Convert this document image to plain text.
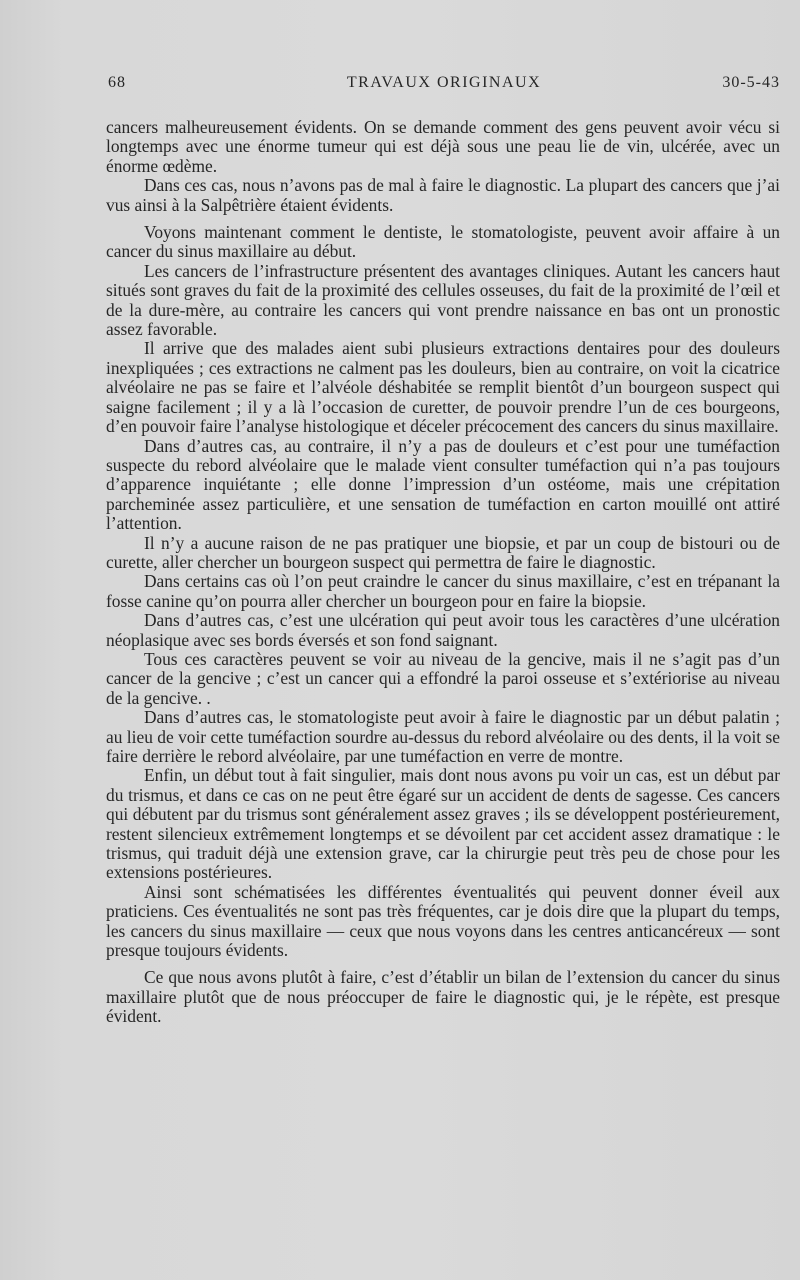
68	TRAVAUX ORIGINAUX	30-5-43

cancers malheureusement évidents. On se demande comment des gens peuvent avoir vécu si longtemps avec une énorme tumeur qui est déjà sous une peau lie de vin, ulcérée, avec un énorme œdème.

Dans ces cas, nous n’avons pas de mal à faire le diagnostic. La plupart des cancers que j’ai vus ainsi à la Salpêtrière étaient évidents.

Voyons maintenant comment le dentiste, le stomatologiste, peuvent avoir affaire à un cancer du sinus maxillaire au début.

Les cancers de l’infrastructure présentent des avantages cliniques. Autant les cancers haut situés sont graves du fait de la proximité des cellules osseuses, du fait de la proximité de l’œil et de la dure-mère, au contraire les cancers qui vont prendre naissance en bas ont un pronostic assez favorable.

Il arrive que des malades aient subi plusieurs extractions dentaires pour des douleurs inexpliquées ; ces extractions ne calment pas les douleurs, bien au contraire, on voit la cicatrice alvéolaire ne pas se faire et l’alvéole déshabitée se remplit bientôt d’un bourgeon suspect qui saigne facilement ; il y a là l’occasion de curetter, de pouvoir prendre l’un de ces bourgeons, d’en pouvoir faire l’analyse histologique et déceler précocement des cancers du sinus maxillaire.

Dans d’autres cas, au contraire, il n’y a pas de douleurs et c’est pour une tuméfaction suspecte du rebord alvéolaire que le malade vient consulter tuméfaction qui n’a pas toujours d’apparence inquiétante ; elle donne l’impression d’un ostéome, mais une crépitation parcheminée assez particulière, et une sensation de tuméfaction en carton mouillé ont attiré l’attention.

Il n’y a aucune raison de ne pas pratiquer une biopsie, et par un coup de bistouri ou de curette, aller chercher un bourgeon suspect qui permettra de faire le diagnostic.

Dans certains cas où l’on peut craindre le cancer du sinus maxillaire, c’est en trépanant la fosse canine qu’on pourra aller chercher un bourgeon pour en faire la biopsie.

Dans d’autres cas, c’est une ulcération qui peut avoir tous les caractères d’une ulcération néoplasique avec ses bords éversés et son fond saignant.

Tous ces caractères peuvent se voir au niveau de la gencive, mais il ne s’agit pas d’un cancer de la gencive ; c’est un cancer qui a effondré la paroi osseuse et s’extériorise au niveau de la gencive. .

Dans d’autres cas, le stomatologiste peut avoir à faire le diagnostic par un début palatin ; au lieu de voir cette tuméfaction sourdre au-dessus du rebord alvéolaire ou des dents, il la voit se faire derrière le rebord alvéolaire, par une tuméfaction en verre de montre.

Enfin, un début tout à fait singulier, mais dont nous avons pu voir un cas, est un début par du trismus, et dans ce cas on ne peut être égaré sur un accident de dents de sagesse. Ces cancers qui débutent par du trismus sont généralement assez graves ; ils se développent postérieurement, restent silencieux extrêmement longtemps et se dévoilent par cet accident assez dramatique : le trismus, qui traduit déjà une extension grave, car la chirurgie peut très peu de chose pour les extensions postérieures.

Ainsi sont schématisées les différentes éventualités qui peuvent donner éveil aux praticiens. Ces éventualités ne sont pas très fréquentes, car je dois dire que la plupart du temps, les cancers du sinus maxillaire — ceux que nous voyons dans les centres anticancéreux — sont presque toujours évidents.

Ce que nous avons plutôt à faire, c’est d’établir un bilan de l’extension du cancer du sinus maxillaire plutôt que de nous préoccuper de faire le diagnostic qui, je le répète, est presque évident.
